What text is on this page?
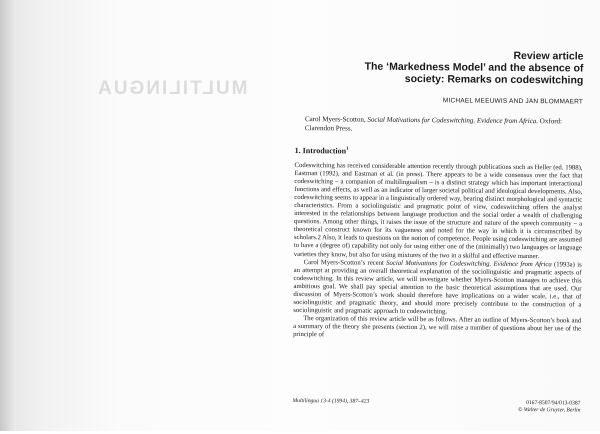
MULTILINGUA
Review article
The ‘Markedness Model’ and the absence of
society: Remarks on codeswitching
MICHAEL MEEUWIS AND JAN BLOMMAERT
Carol Myers-Scotton, Social Motivations for Codeswitching. Evidence from Africa. Oxford: Clarendon Press.
1. Introduction$^1$

Codeswitching has received considerable attention recently through publications such as Heller (ed. 1988), Eastman (1992), and Eastman et al. (in press). There appears to be a wide consensus over the fact that codeswitching – a companion of multilingualism – is a distinct strategy which has important interactional functions and effects, as well as an indicator of larger societal political and ideological developments. Also, codeswitching seems to appear in a linguistically ordered way, bearing distinct morphological and syntactic characteristics. From a sociolinguistic and pragmatic point of view, codeswitching offers the analyst interested in the relationships between language production and the social order a wealth of challenging questions. Among other things, it raises the issue of the structure and nature of the speech community – a theoretical construct known for its vagueness and noted for the way in which it is circumscribed by scholars.2 Also, it leads to questions on the notion of competence. People using codeswitching are assumed to have a (degree of) capability not only for using either one of the (minimally) two languages or language varieties they know, but also for using mixtures of the two in a skilful and effective manner.

Carol Myers-Scotton’s recent Social Motivations for Codeswitching. Evidence from Africa (1993a) is an attempt at providing an overall theoretical explanation of the sociolinguistic and pragmatic aspects of codeswitching. In this review article, we will investigate whether Myers-Scotton manages to achieve this ambitious goal. We shall pay special attention to the basic theoretical assumptions that are used. Our discussion of Myers-Scotton’s work should therefore have implications on a wider scale, i.e., that of sociolinguistic and pragmatic theory, and should more precisely contribute to the construction of a sociolinguistic and pragmatic approach to codeswitching.

The organization of this review article will be as follows. After an outline of Myers-Scotton’s book and a summary of the theory she presents (section 2), we will raise a number of questions about her use of the principle of

Multilingua 13-4 (1994), 387–423	0167-8507/94/013-0387
© Walter de Gruyter, Berlin
